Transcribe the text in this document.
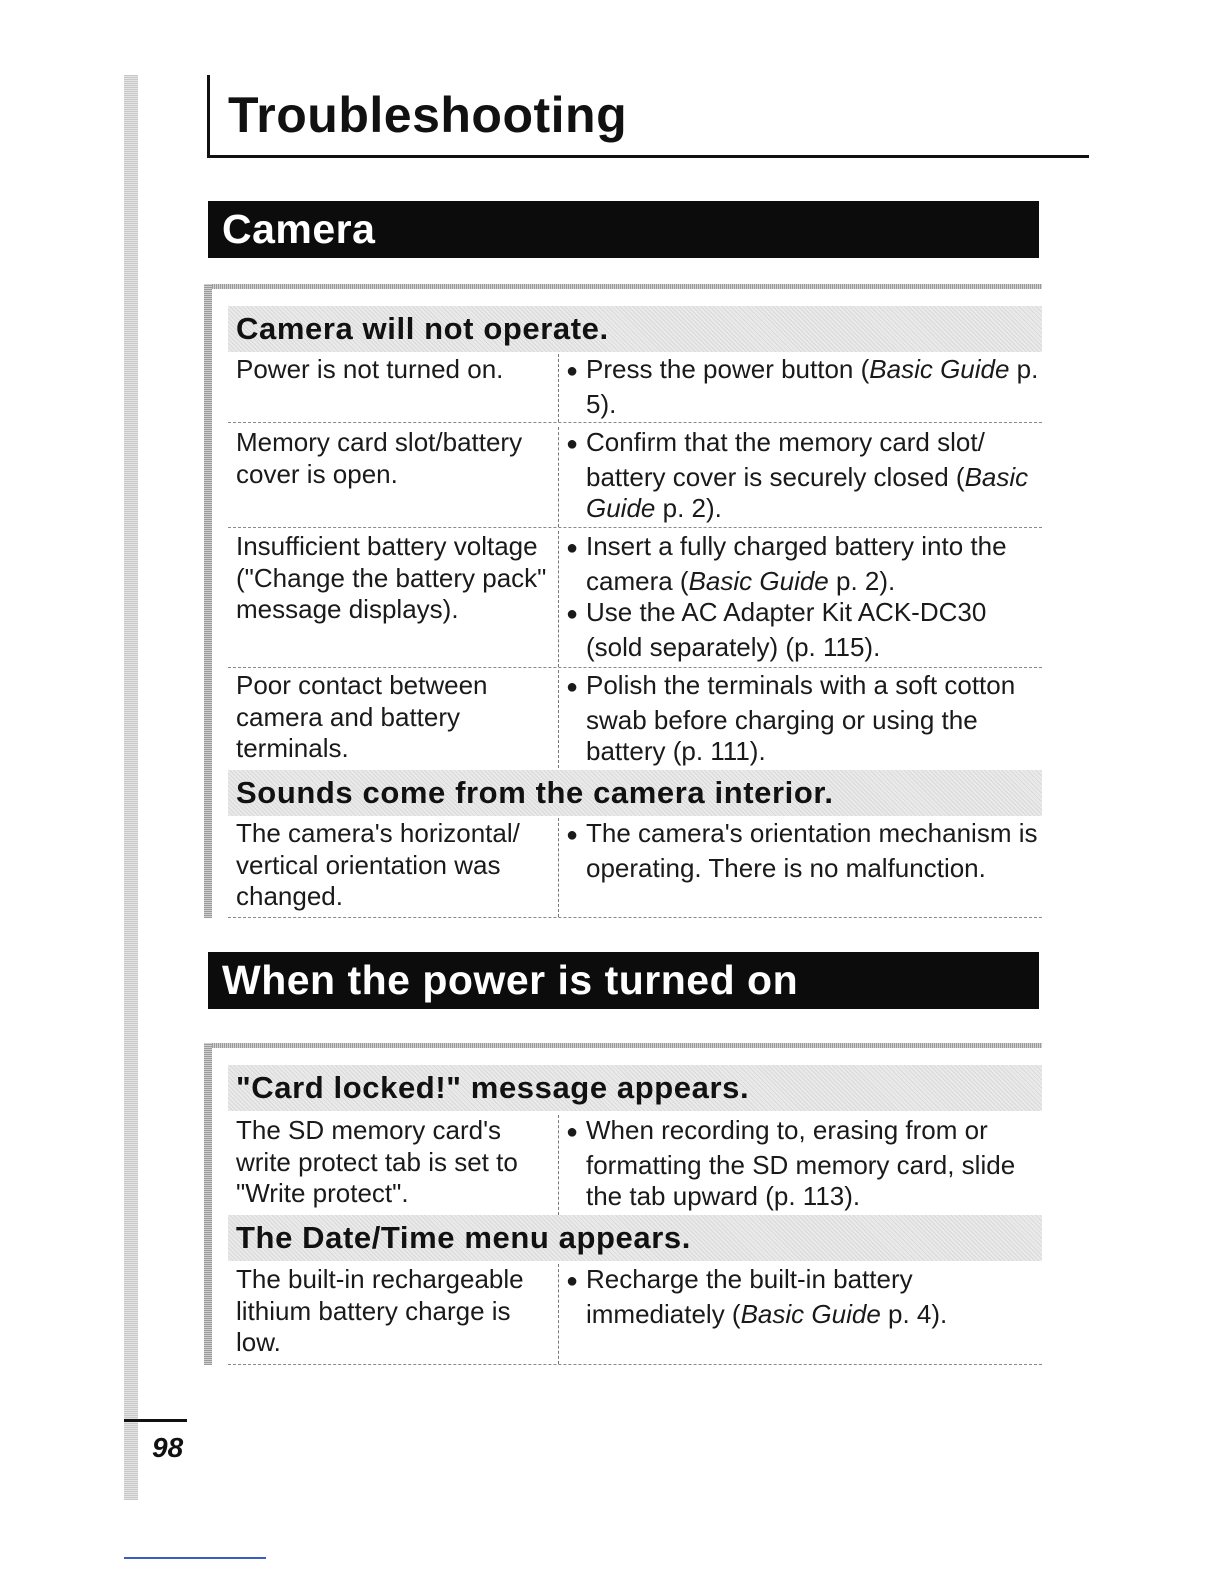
Troubleshooting
Camera
Camera will not operate.
Power is not turned on.

●	Press the power button (Basic Guide p. 5).

Memory card slot/battery cover is open.

●Confirm that the memory card slot/ battery cover is securely closed (Basic Guide p. 2).

Insufficient battery voltage ("Change the battery pack" message displays).

●Insert a fully charged battery into the camera (Basic Guide p. 2).

●Use the AC Adapter Kit ACK-DC30 (sold separately) (p. 115).

Poor contact between camera and battery terminals.

●Polish the terminals with a soft cotton swab before charging or using the battery (p. 111).

Sounds come from the camera interior.
The camera's horizontal/ vertical orientation was changed.

●The camera's orientation mechanism is operating. There is no malfunction.

When the power is turned on
"Card locked!" message appears.
The SD memory card's write protect tab is set to "Write protect".

●When recording to, erasing from or formatting the SD memory card, slide the tab upward (p. 113).

The Date/Time menu appears.
The built-in rechargeable lithium battery charge is low.

●Recharge the built-in battery immediately (Basic Guide p. 4).

98
